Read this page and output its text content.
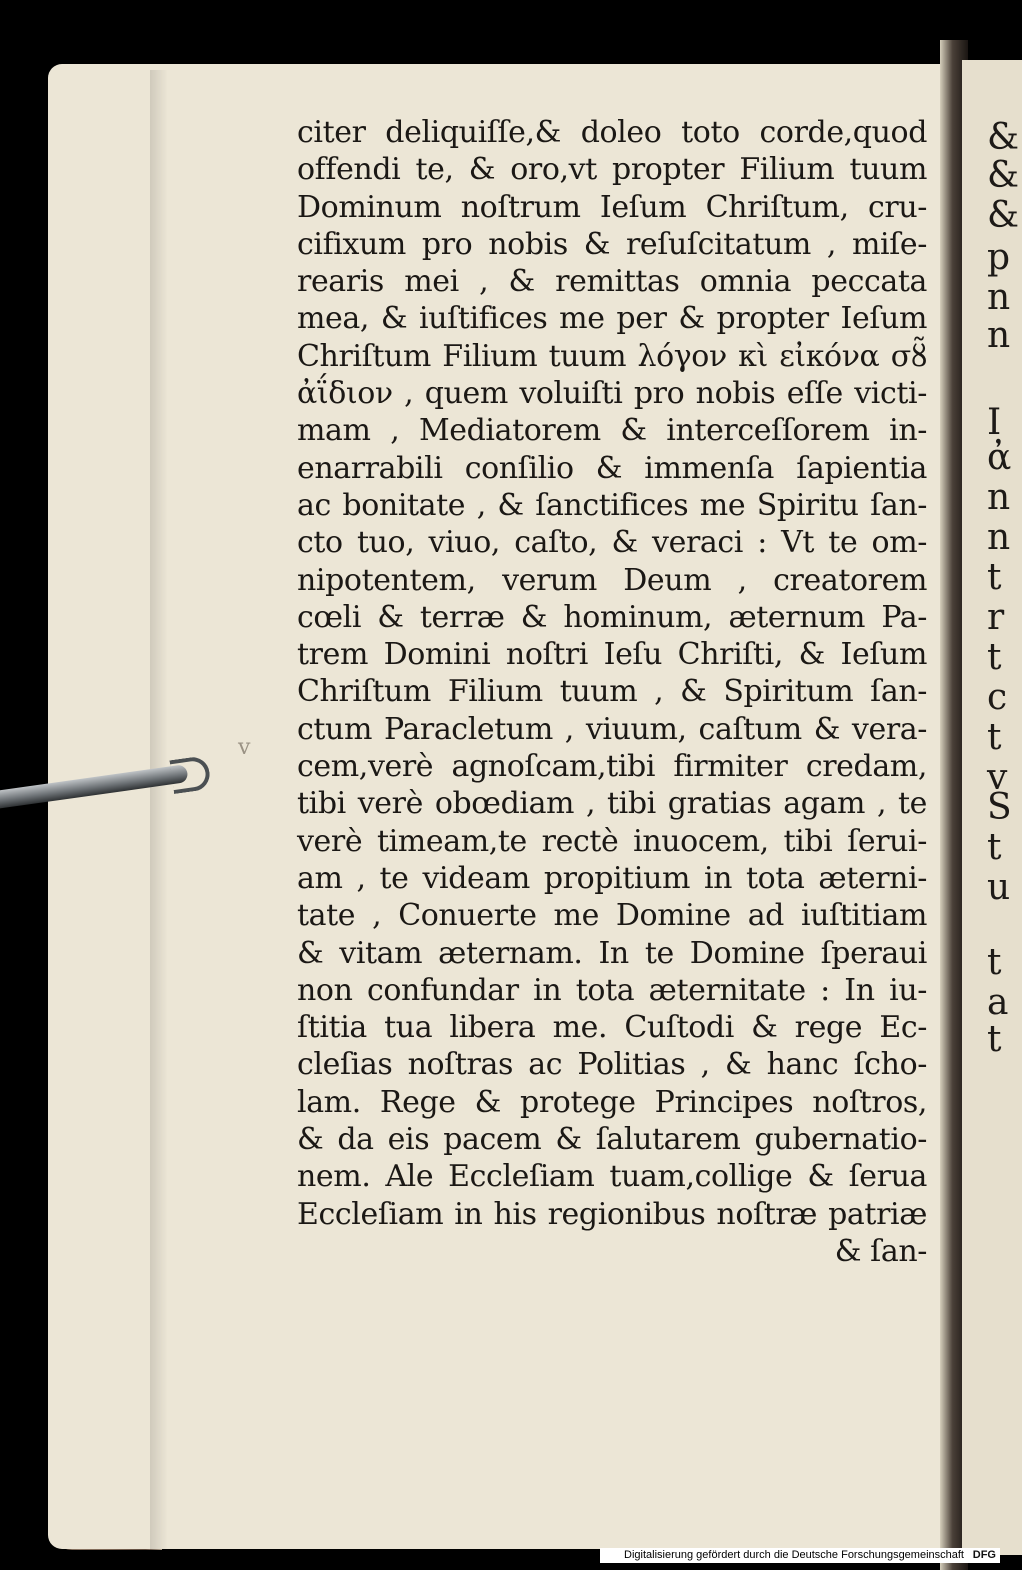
&
&
&
p
n
n
I
ἀ
n
n
t
r
t
c
t
v
S
t
u
t
a
t
v
citer deliquiſſe,& doleo toto corde,quod
offendi te, & oro,vt propter Filium tuum
Dominum noſtrum Ieſum Chriſtum, cru-
cifixum pro nobis & reſuſcitatum , miſe-
rearis mei , & remittas omnia peccata
mea, & iuſtifices me per & propter Ieſum
Chriſtum Filium tuum λόγον κὶ εἰκόνα σȣ̃
ἀΐδιον , quem voluiſti pro nobis eſſe victi-
mam , Mediatorem & interceſſorem in-
enarrabili conſilio & immenſa ſapientia
ac bonitate , & ſanctifices me Spiritu ſan-
cto tuo, viuo, caſto, & veraci : Vt te om-
nipotentem, verum Deum , creatorem
cœli & terræ & hominum, æternum Pa-
trem Domini noſtri Ieſu Chriſti, & Ieſum
Chriſtum Filium tuum , & Spiritum ſan-
ctum Paracletum , viuum, caſtum & vera-
cem,verè agnoſcam,tibi firmiter credam,
tibi verè obœdiam , tibi gratias agam , te
verè timeam,te rectè inuocem, tibi ſerui-
am , te videam propitium in tota æterni-
tate , Conuerte me Domine ad iuſtitiam
& vitam æternam. In te Domine ſperaui
non confundar in tota æternitate : In iu-
ſtitia tua libera me. Cuſtodi & rege Ec-
cleſias noſtras ac Politias , & hanc ſcho-
lam. Rege & protege Principes noſtros,
& da eis pacem & ſalutarem gubernatio-
nem. Ale Eccleſiam tuam,collige & ſerua
Eccleſiam in his regionibus noſtræ patriæ
& ſan-
Digitalisierung gefördert durch die Deutsche Forschungsgemeinschaft DFG
